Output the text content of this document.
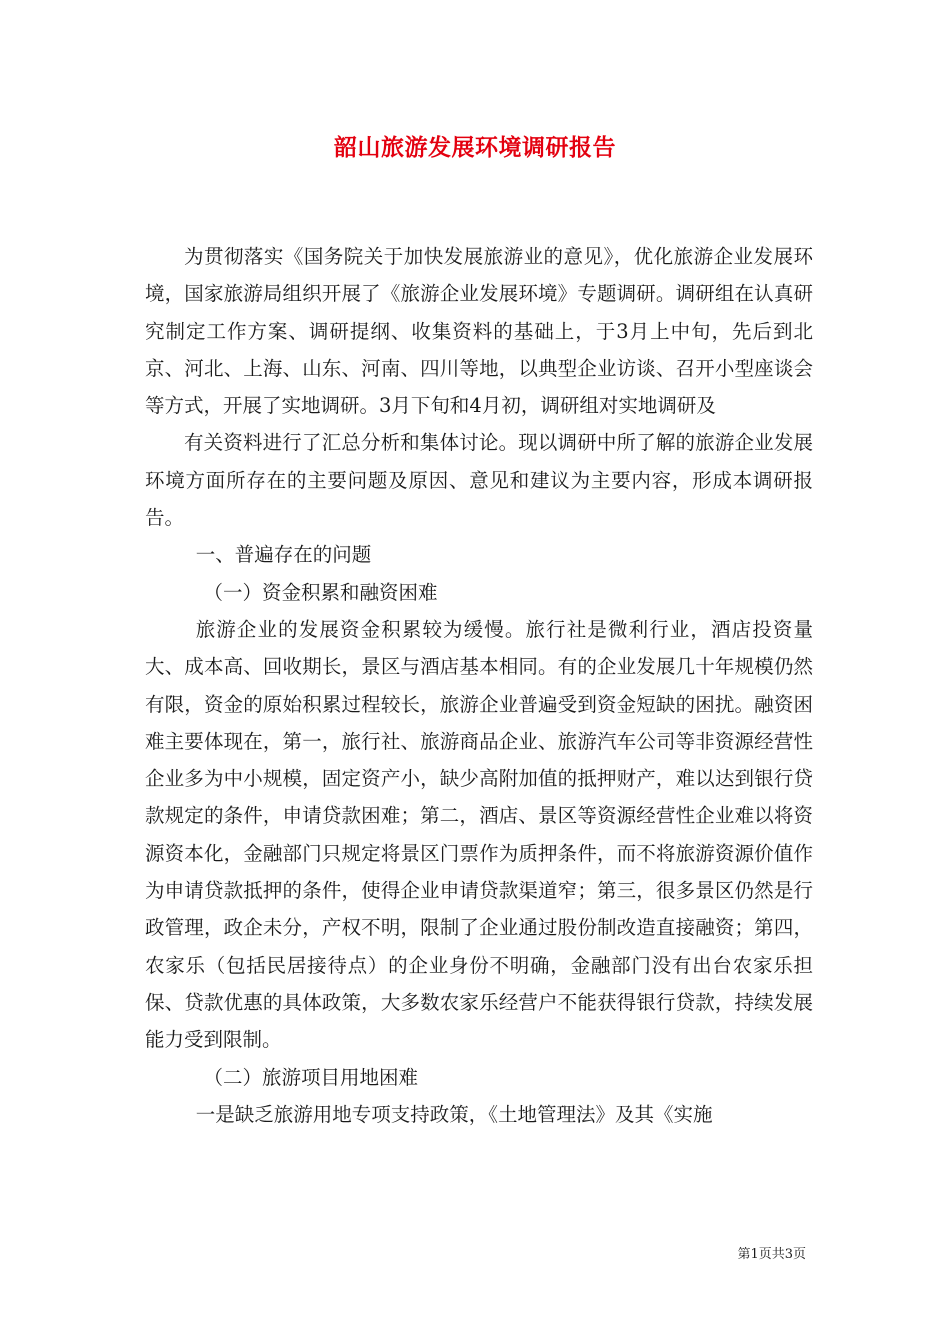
韶山旅游发展环境调研报告

为贯彻落实《国务院关于加快发展旅游业的意见》，优化旅游企业发展环境，国家旅游局组织开展了《旅游企业发展环境》专题调研。调研组在认真研究制定工作方案、调研提纲、收集资料的基础上，于3月上中旬，先后到北京、河北、上海、山东、河南、四川等地，以典型企业访谈、召开小型座谈会等方式，开展了实地调研。3月下旬和4月初，调研组对实地调研及

有关资料进行了汇总分析和集体讨论。现以调研中所了解的旅游企业发展环境方面所存在的主要问题及原因、意见和建议为主要内容，形成本调研报告。

一、普遍存在的问题

（一）资金积累和融资困难

旅游企业的发展资金积累较为缓慢。旅行社是微利行业，酒店投资量大、成本高、回收期长，景区与酒店基本相同。有的企业发展几十年规模仍然有限，资金的原始积累过程较长，旅游企业普遍受到资金短缺的困扰。融资困难主要体现在，第一，旅行社、旅游商品企业、旅游汽车公司等非资源经营性企业多为中小规模，固定资产小，缺少高附加值的抵押财产，难以达到银行贷款规定的条件，申请贷款困难；第二，酒店、景区等资源经营性企业难以将资源资本化，金融部门只规定将景区门票作为质押条件，而不将旅游资源价值作为申请贷款抵押的条件，使得企业申请贷款渠道窄；第三，很多景区仍然是行政管理，政企未分，产权不明，限制了企业通过股份制改造直接融资；第四，农家乐（包括民居接待点）的企业身份不明确，金融部门没有出台农家乐担保、贷款优惠的具体政策，大多数农家乐经营户不能获得银行贷款，持续发展能力受到限制。

（二）旅游项目用地困难

一是缺乏旅游用地专项支持政策，《土地管理法》及其《实施

第1页共3页
